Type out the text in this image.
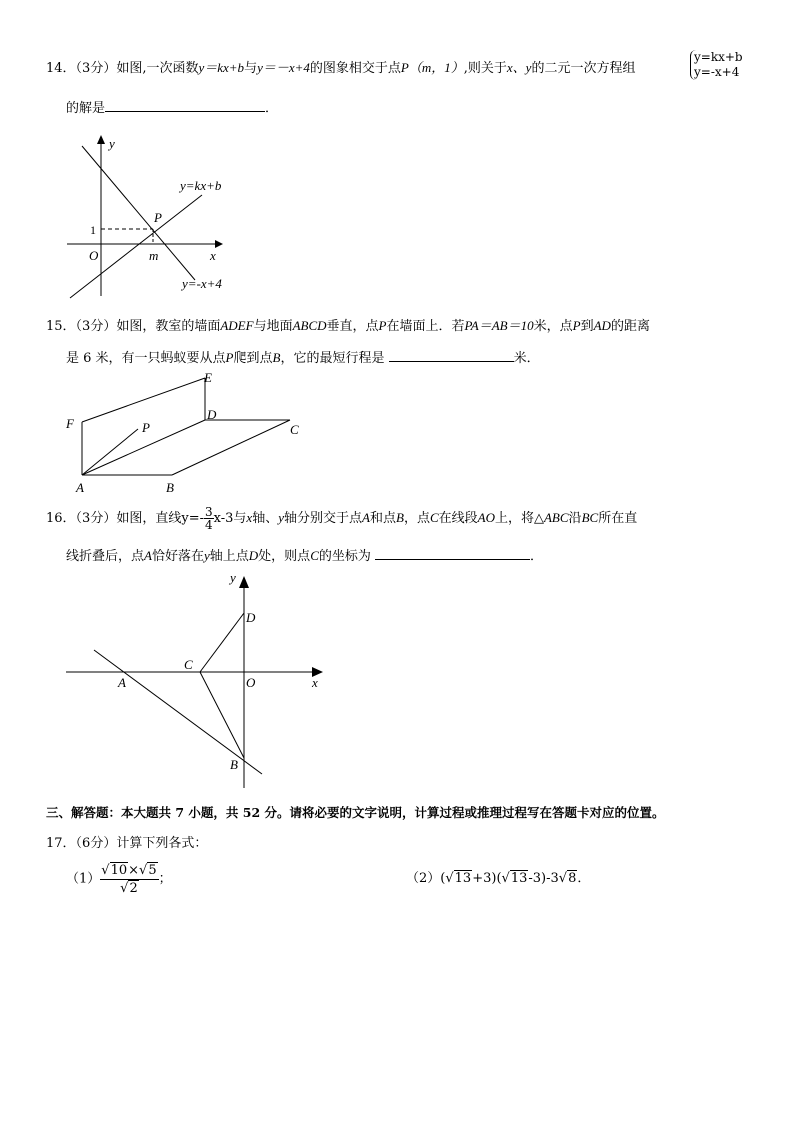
14．（3分）如图,一次函数y＝kx+b与y＝－x+4的图象相交于点P（m，1）,则关于x、y的二元一次方程组
y=kx+b
y=-x+4
的解是	．
y
x
O	m
1
P
y=kx+b
y=-x+4
15．（3分）如图，教室的墙面ADEF与地面ABCD垂直，点P在墙面上．若PA＝AB＝10米，点P到AD的距离
是 6 米，有一只蚂蚁要从点P爬到点B，它的最短行程是	米．
E
F
D
C
P
A	B
16．（3分）如图，直线$y=- \frac{3}{4} x-3$与x轴、y轴分别交于点A和点B，点C在线段AO上，将△ABC沿BC所在直
线折叠后，点A恰好落在y轴上点D处，则点C的坐标为	．
y
x
D
C
A	O
B
三、解答题：本大题共 7 小题，共 52 分。请将必要的文字说明，计算过程或推理过程写在答题卡对应的位置。
17．（6分）计算下列各式：
$(1) \frac{√10\times√5}{√2}$ ；	（2）(√13+3)(√13-3)-3√8．
